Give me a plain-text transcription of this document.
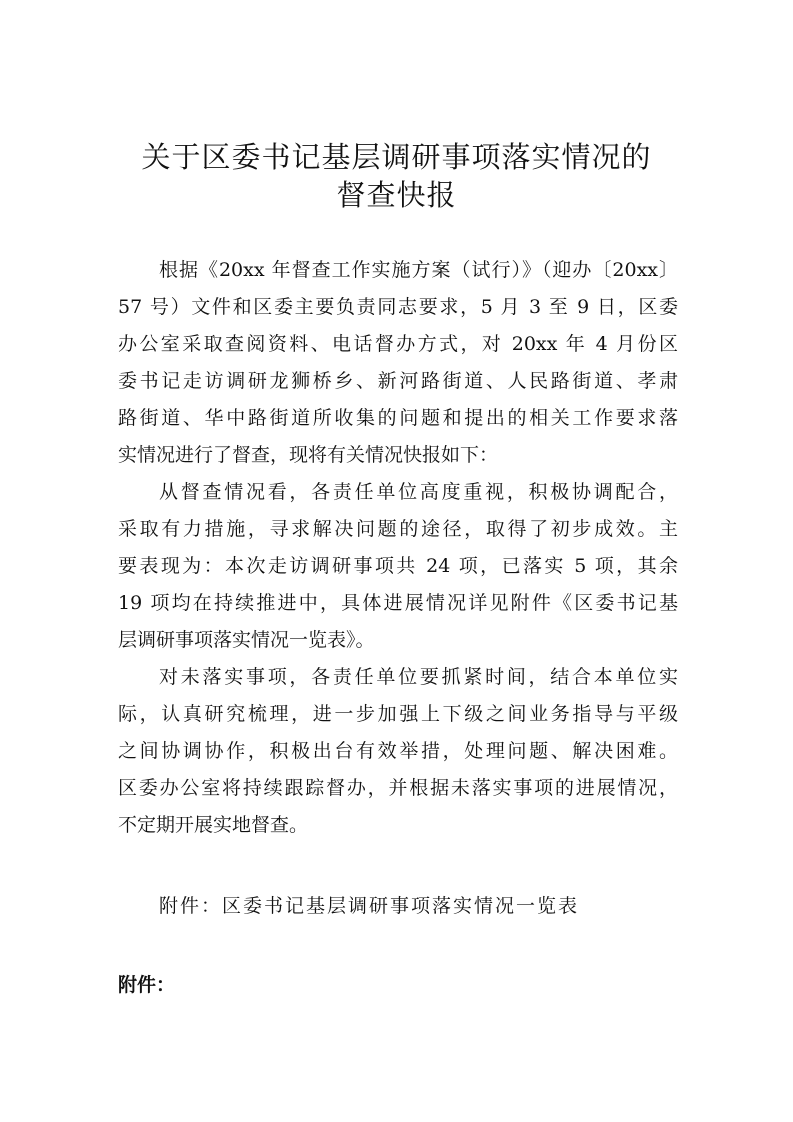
关于区委书记基层调研事项落实情况的
督查快报
根据《20xx 年督查工作实施方案（试行）》（迎办〔20xx〕
57 号）文件和区委主要负责同志要求，5 月 3 至 9 日，区委
办公室采取查阅资料、电话督办方式，对 20xx 年 4 月份区
委书记走访调研龙狮桥乡、新河路街道、人民路街道、孝肃
路街道、华中路街道所收集的问题和提出的相关工作要求落
实情况进行了督查，现将有关情况快报如下：
从督查情况看，各责任单位高度重视，积极协调配合，
采取有力措施，寻求解决问题的途径，取得了初步成效。主
要表现为：本次走访调研事项共 24 项，已落实 5 项，其余
19 项均在持续推进中，具体进展情况详见附件《区委书记基
层调研事项落实情况一览表》。
对未落实事项，各责任单位要抓紧时间，结合本单位实
际，认真研究梳理，进一步加强上下级之间业务指导与平级
之间协调协作，积极出台有效举措，处理问题、解决困难。
区委办公室将持续跟踪督办，并根据未落实事项的进展情况，
不定期开展实地督查。
附件：区委书记基层调研事项落实情况一览表
附件：
